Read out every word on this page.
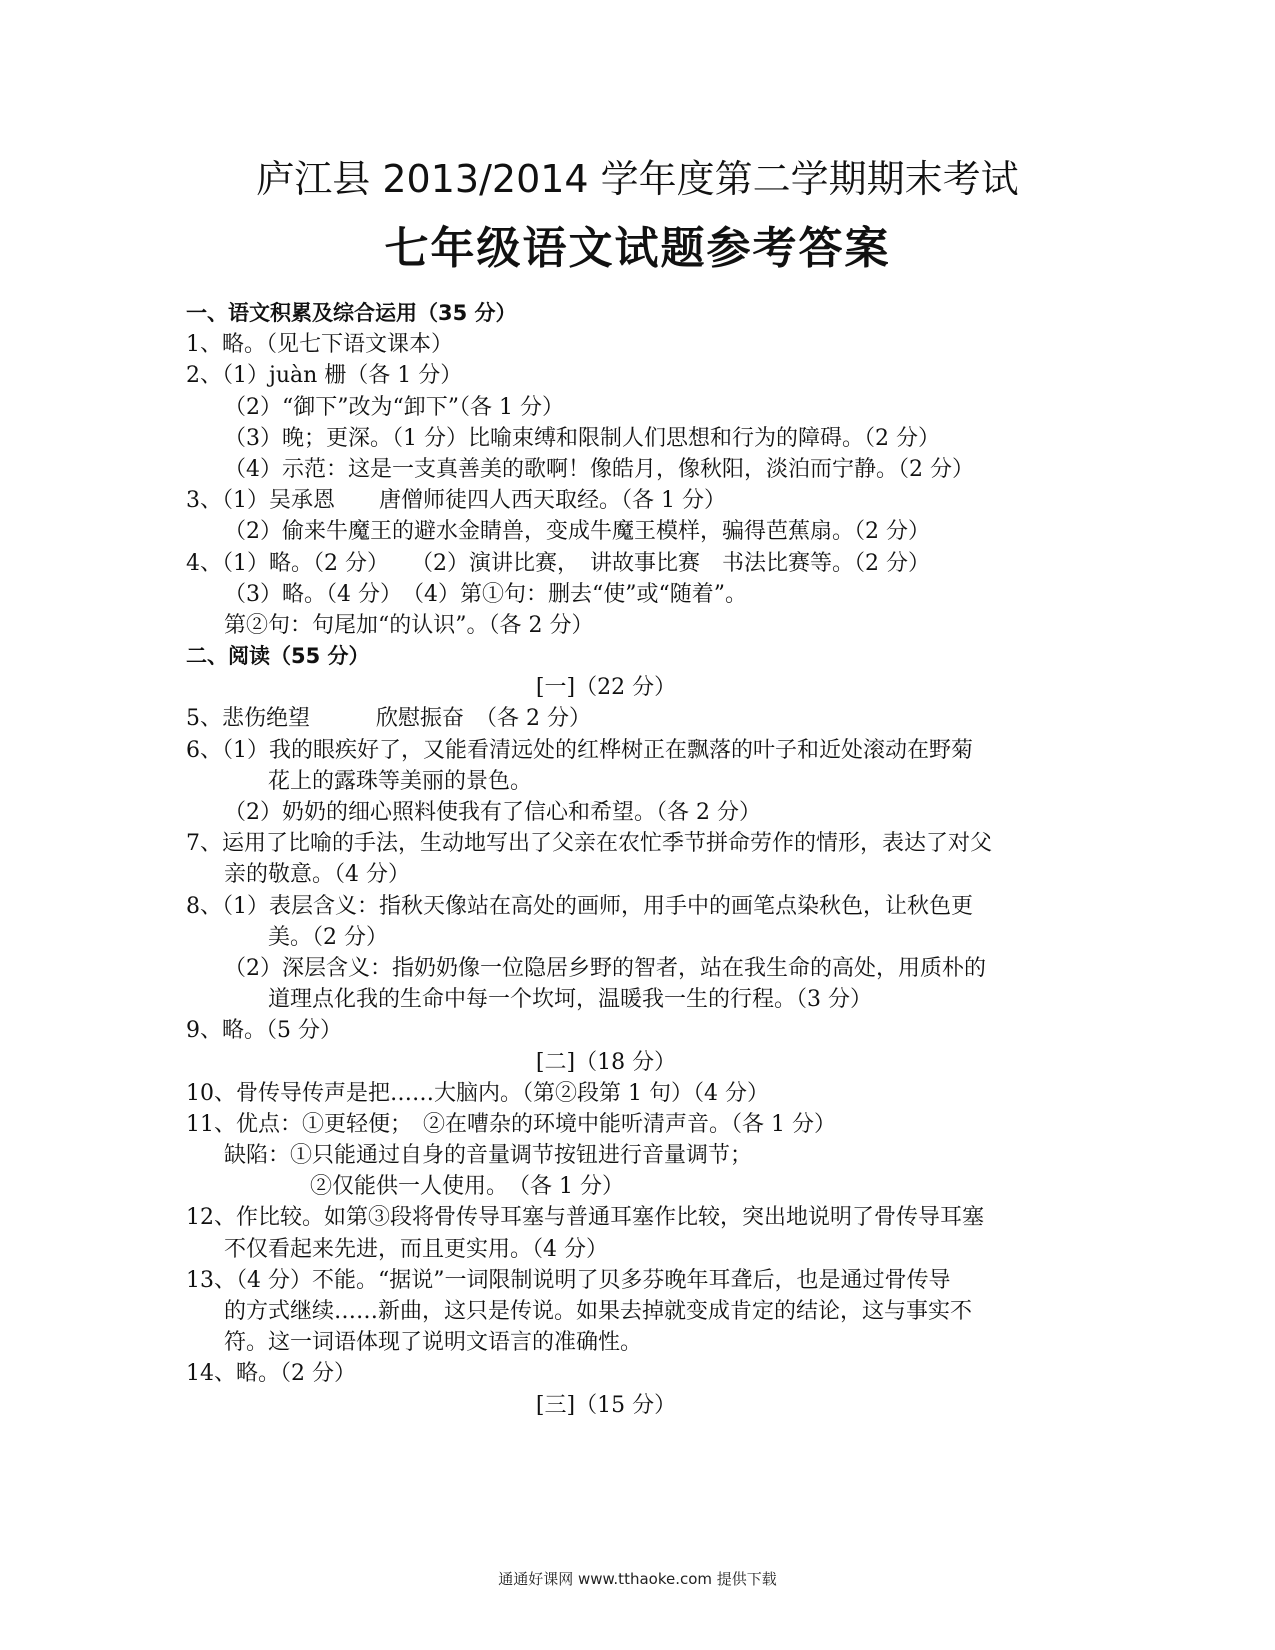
庐江县 2013/2014 学年度第二学期期末考试
七年级语文试题参考答案
一、语文积累及综合运用（35 分）
1、略。（见七下语文课本）
2、（1）juàn 栅（各 1 分）
（2）“御下”改为“卸下”（各 1 分）
（3）晚；更深。（1 分）比喻束缚和限制人们思想和行为的障碍。（2 分）
（4）示范：这是一支真善美的歌啊！像皓月，像秋阳，淡泊而宁静。（2 分）
3、（1）吴承恩　　唐僧师徒四人西天取经。（各 1 分）
（2）偷来牛魔王的避水金睛兽，变成牛魔王模样，骗得芭蕉扇。（2 分）
4、（1）略。（2 分）　　（2）演讲比赛，　讲故事比赛　书法比赛等。（2 分）
（3）略。（4 分）　（4）第①句：删去“使”或“随着”。
第②句：句尾加“的认识”。（各 2 分）
二、阅读（55 分）
[一]（22 分）
5、悲伤绝望　　　欣慰振奋　（各 2 分）
6、（1）我的眼疾好了，又能看清远处的红桦树正在飘落的叶子和近处滚动在野菊
花上的露珠等美丽的景色。
（2）奶奶的细心照料使我有了信心和希望。（各 2 分）
7、运用了比喻的手法，生动地写出了父亲在农忙季节拼命劳作的情形，表达了对父
亲的敬意。（4 分）
8、（1）表层含义：指秋天像站在高处的画师，用手中的画笔点染秋色，让秋色更
美。（2 分）
（2）深层含义：指奶奶像一位隐居乡野的智者，站在我生命的高处，用质朴的
道理点化我的生命中每一个坎坷，温暖我一生的行程。（3 分）
9、略。（5 分）
[二]（18 分）
10、骨传导传声是把……大脑内。（第②段第 1 句）（4 分）
11、优点：①更轻便；　②在嘈杂的环境中能听清声音。（各 1 分）
缺陷：①只能通过自身的音量调节按钮进行音量调节；
②仅能供一人使用。　（各 1 分）
12、作比较。如第③段将骨传导耳塞与普通耳塞作比较，突出地说明了骨传导耳塞
不仅看起来先进，而且更实用。（4 分）
13、（4 分）不能。“据说”一词限制说明了贝多芬晚年耳聋后，也是通过骨传导
的方式继续……新曲，这只是传说。如果去掉就变成肯定的结论，这与事实不
符。这一词语体现了说明文语言的准确性。
14、略。（2 分）
[三]（15 分）
通通好课网 www.tthaoke.com 提供下载
